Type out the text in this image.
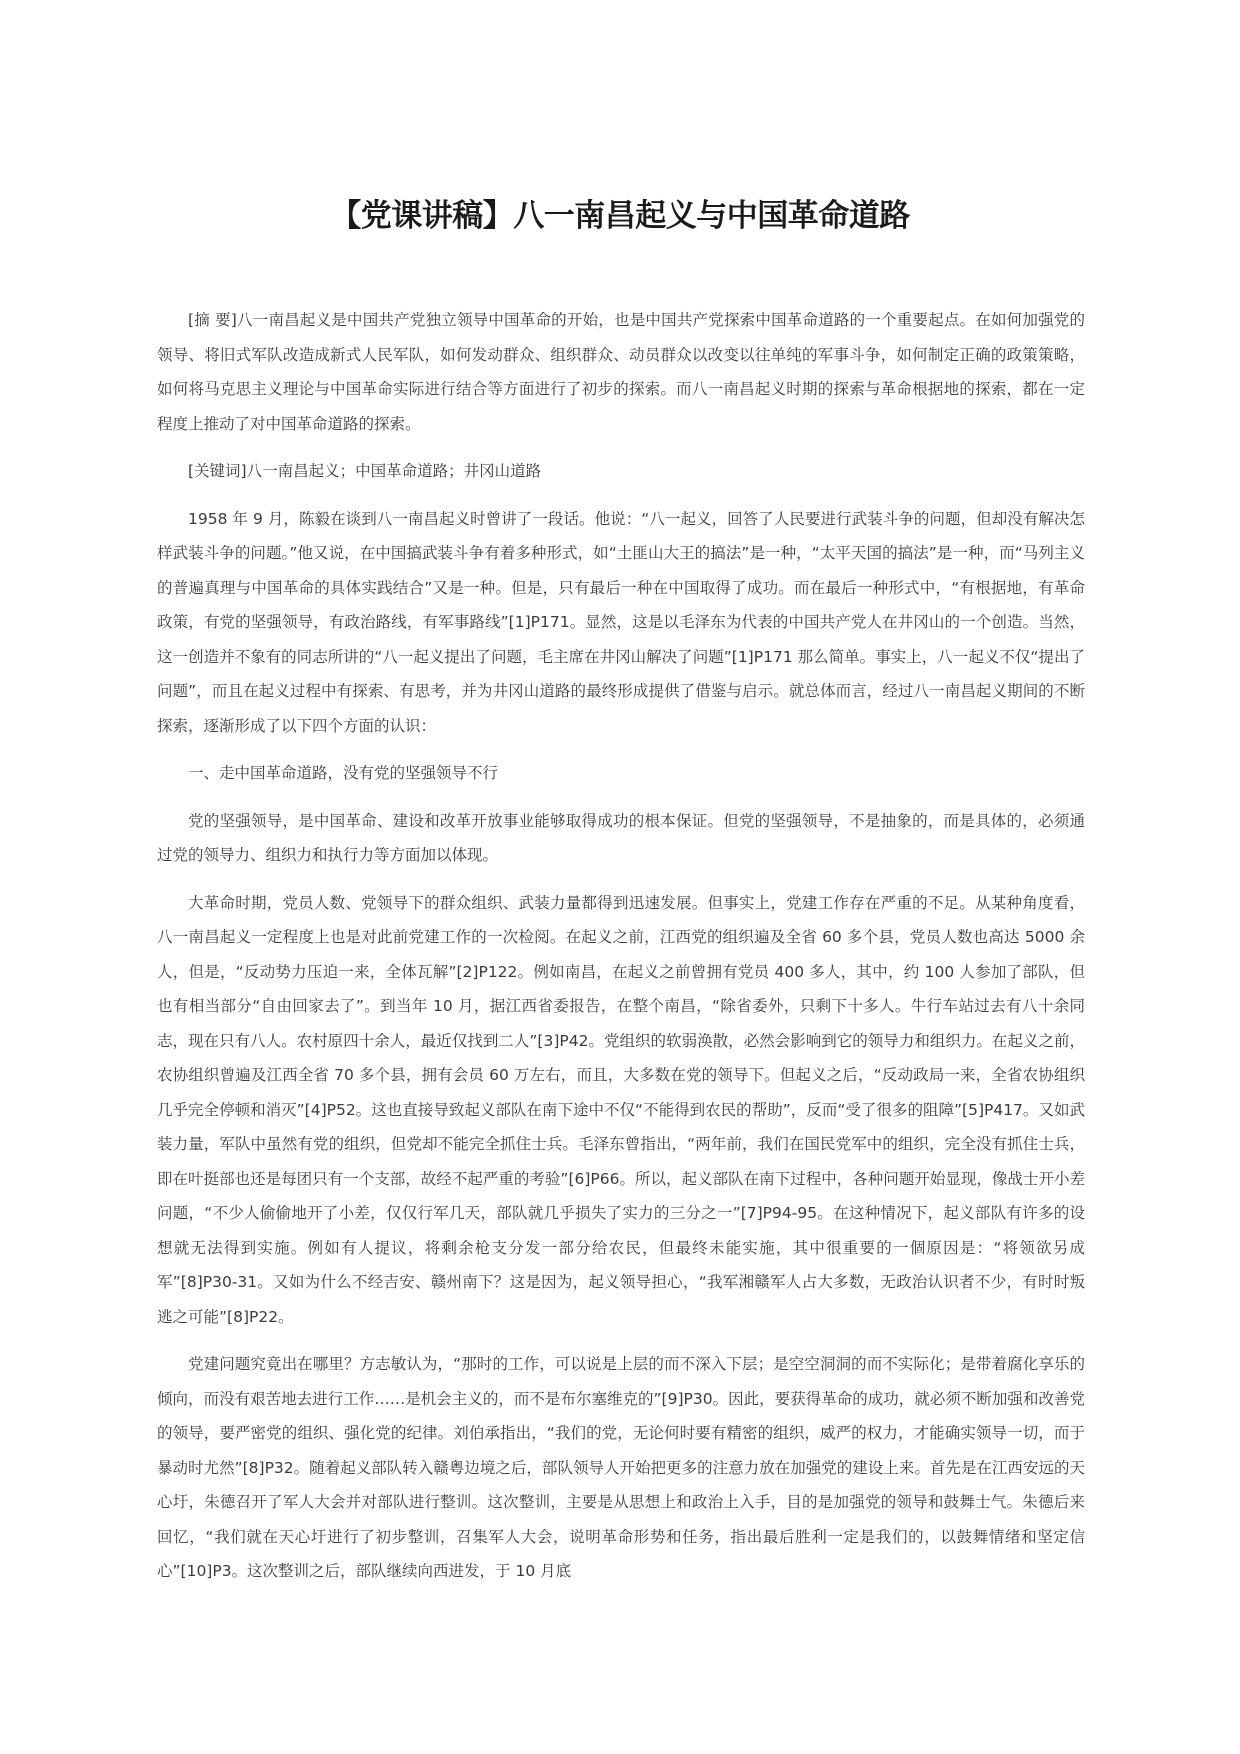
【党课讲稿】八一南昌起义与中国革命道路

[摘 要]八一南昌起义是中国共产党独立领导中国革命的开始，也是中国共产党探索中国革命道路的一个重要起点。在如何加强党的领导、将旧式军队改造成新式人民军队，如何发动群众、组织群众、动员群众以改变以往单纯的军事斗争，如何制定正确的政策策略，如何将马克思主义理论与中国革命实际进行结合等方面进行了初步的探索。而八一南昌起义时期的探索与革命根据地的探索，都在一定程度上推动了对中国革命道路的探索。

[关键词]八一南昌起义；中国革命道路；井冈山道路

1958 年 9 月，陈毅在谈到八一南昌起义时曾讲了一段话。他说：“八一起义，回答了人民要进行武装斗争的问题，但却没有解决怎样武装斗争的问题。”他又说，在中国搞武装斗争有着多种形式，如“土匪山大王的搞法”是一种，“太平天国的搞法”是一种，而“马列主义的普遍真理与中国革命的具体实践结合”又是一种。但是，只有最后一种在中国取得了成功。而在最后一种形式中，“有根据地，有革命政策，有党的坚强领导，有政治路线，有军事路线”[1]P171。显然，这是以毛泽东为代表的中国共产党人在井冈山的一个创造。当然，这一创造并不象有的同志所讲的“八一起义提出了问题，毛主席在井冈山解决了问题”[1]P171 那么简单。事实上，八一起义不仅“提出了问题”，而且在起义过程中有探索、有思考，并为井冈山道路的最终形成提供了借鉴与启示。就总体而言，经过八一南昌起义期间的不断探索，逐渐形成了以下四个方面的认识：

一、走中国革命道路，没有党的坚强领导不行

党的坚强领导，是中国革命、建设和改革开放事业能够取得成功的根本保证。但党的坚强领导，不是抽象的，而是具体的，必须通过党的领导力、组织力和执行力等方面加以体现。

大革命时期，党员人数、党领导下的群众组织、武装力量都得到迅速发展。但事实上，党建工作存在严重的不足。从某种角度看，八一南昌起义一定程度上也是对此前党建工作的一次检阅。在起义之前，江西党的组织遍及全省 60 多个县，党员人数也高达 5000 余人，但是，“反动势力压迫一来，全体瓦解”[2]P122。例如南昌，在起义之前曾拥有党员 400 多人，其中，约 100 人参加了部队，但也有相当部分“自由回家去了”。到当年 10 月，据江西省委报告，在整个南昌，“除省委外，只剩下十多人。牛行车站过去有八十余同志，现在只有八人。农村原四十余人，最近仅找到二人”[3]P42。党组织的软弱涣散，必然会影响到它的领导力和组织力。在起义之前，农协组织曾遍及江西全省 70 多个县，拥有会员 60 万左右，而且，大多数在党的领导下。但起义之后，“反动政局一来，全省农协组织几乎完全停顿和消灭”[4]P52。这也直接导致起义部队在南下途中不仅“不能得到农民的帮助”，反而“受了很多的阻障”[5]P417。又如武装力量，军队中虽然有党的组织，但党却不能完全抓住士兵。毛泽东曾指出，“两年前，我们在国民党军中的组织，完全没有抓住士兵，即在叶挺部也还是每团只有一个支部，故经不起严重的考验”[6]P66。所以，起义部队在南下过程中，各种问题开始显现，像战士开小差问题，“不少人偷偷地开了小差，仅仅行军几天，部队就几乎损失了实力的三分之一”[7]P94-95。在这种情况下，起义部队有许多的设想就无法得到实施。例如有人提议，将剩余枪支分发一部分给农民，但最终未能实施，其中很重要的一個原因是：“将领欲另成军”[8]P30-31。又如为什么不经吉安、赣州南下？这是因为，起义领导担心，“我军湘赣军人占大多数，无政治认识者不少，有时时叛逃之可能”[8]P22。

党建问题究竟出在哪里？方志敏认为，“那时的工作，可以说是上层的而不深入下层；是空空洞洞的而不实际化；是带着腐化享乐的倾向，而没有艰苦地去进行工作……是机会主义的，而不是布尔塞维克的”[9]P30。因此，要获得革命的成功，就必须不断加强和改善党的领导，要严密党的组织、强化党的纪律。刘伯承指出，“我们的党，无论何时要有精密的组织，威严的权力，才能确实领导一切，而于暴动时尤然”[8]P32。随着起义部队转入赣粤边境之后，部队领导人开始把更多的注意力放在加强党的建设上来。首先是在江西安远的天心圩，朱德召开了军人大会并对部队进行整训。这次整训，主要是从思想上和政治上入手，目的是加强党的领导和鼓舞士气。朱德后来回忆，“我们就在天心圩进行了初步整训，召集军人大会，说明革命形势和任务，指出最后胜利一定是我们的，以鼓舞情绪和坚定信心”[10]P3。这次整训之后，部队继续向西进发，于 10 月底
